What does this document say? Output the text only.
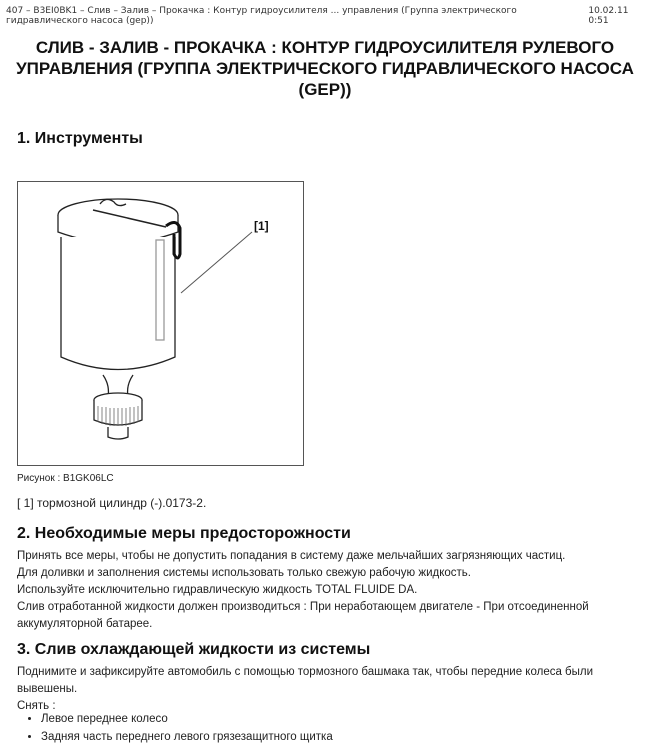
407 – B3EI0BK1 – Слив – Залив – Прокачка : Контур гидроусилителя ... управления (Группа электрического гидравлического насоса (gep))
10.02.11 0:51
СЛИВ - ЗАЛИВ - ПРОКАЧКА : КОНТУР ГИДРОУСИЛИТЕЛЯ РУЛЕВОГО
УПРАВЛЕНИЯ (ГРУППА ЭЛЕКТРИЧЕСКОГО ГИДРАВЛИЧЕСКОГО НАСОСА (GEP))
1. Инструменты
[1]
Рисунок : B1GK06LC
[ 1] тормозной цилиндр (-).0173-2.
2. Необходимые меры предосторожности

Принять все меры, чтобы не допустить попадания в систему даже мельчайших загрязняющих частиц.

Для доливки и заполнения системы использовать только свежую рабочую жидкость.

Используйте исключительно гидравлическую жидкость TOTAL FLUIDE DA.

Слив отработанной жидкости должен производиться : При неработающем двигателе - При отсоединенной аккумуляторной батарее.

3. Слив охлаждающей жидкости из системы

Поднимите и зафиксируйте автомобиль с помощью тормозного башмака так, чтобы передние колеса были вывешены.

Снять :

• Левое переднее колесо
• Задняя часть переднего левого грязезащитного щитка
